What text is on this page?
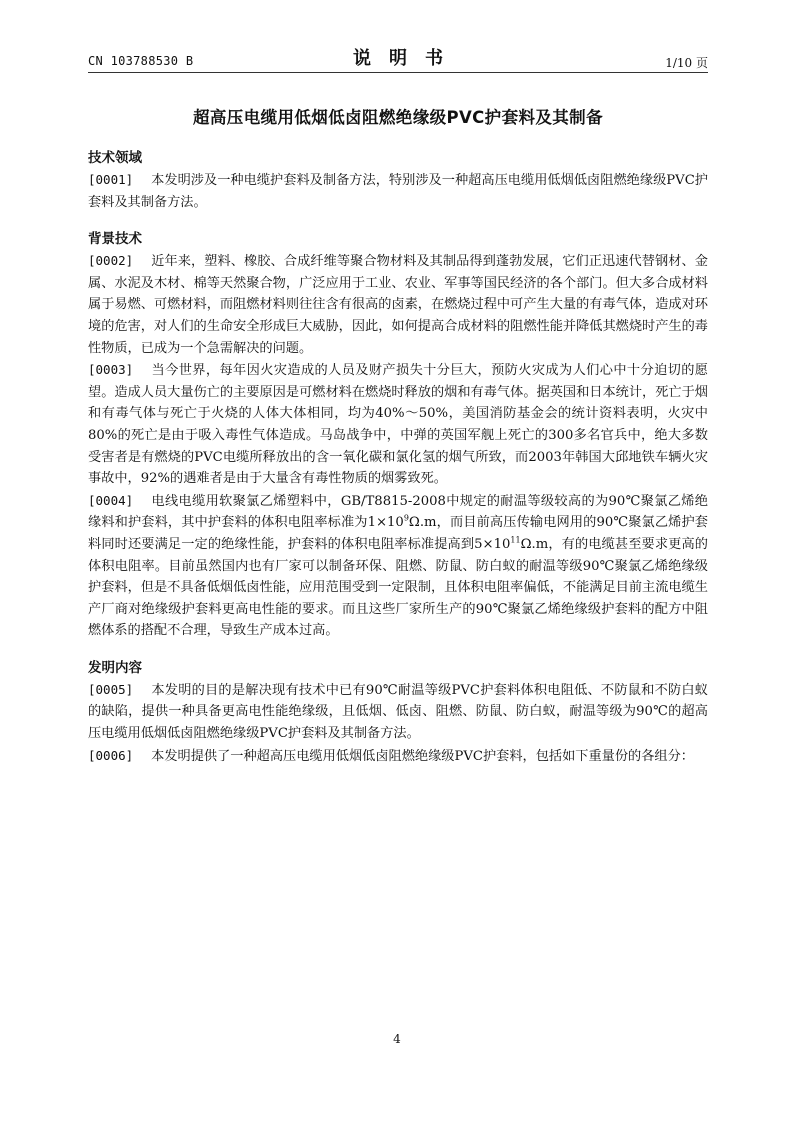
CN 103788530 B	说明书	1/10 页
超高压电缆用低烟低卤阻燃绝缘级PVC护套料及其制备
技术领域

[0001] 本发明涉及一种电缆护套料及制备方法，特别涉及一种超高压电缆用低烟低卤阻燃绝缘级PVC护套料及其制备方法。

背景技术

[0002] 近年来，塑料、橡胶、合成纤维等聚合物材料及其制品得到蓬勃发展，它们正迅速代替钢材、金属、水泥及木材、棉等天然聚合物，广泛应用于工业、农业、军事等国民经济的各个部门。但大多合成材料属于易燃、可燃材料，而阻燃材料则往往含有很高的卤素，在燃烧过程中可产生大量的有毒气体，造成对环境的危害，对人们的生命安全形成巨大威胁，因此，如何提高合成材料的阻燃性能并降低其燃烧时产生的毒性物质，已成为一个急需解决的问题。

[0003] 当今世界，每年因火灾造成的人员及财产损失十分巨大，预防火灾成为人们心中十分迫切的愿望。造成人员大量伤亡的主要原因是可燃材料在燃烧时释放的烟和有毒气体。据英国和日本统计，死亡于烟和有毒气体与死亡于火烧的人体大体相同，均为40%～50%，美国消防基金会的统计资料表明，火灾中80%的死亡是由于吸入毒性气体造成。马岛战争中，中弹的英国军舰上死亡的300多名官兵中，绝大多数受害者是有燃烧的PVC电缆所释放出的含一氧化碳和氯化氢的烟气所致，而2003年韩国大邱地铁车辆火灾事故中，92%的遇难者是由于大量含有毒性物质的烟雾致死。

[0004] 电线电缆用软聚氯乙烯塑料中，GB/T8815-2008中规定的耐温等级较高的为90℃聚氯乙烯绝缘料和护套料，其中护套料的体积电阻率标准为$1\times 10^9\Omega.m$，而目前高压传输电网用的90℃聚氯乙烯护套料同时还要满足一定的绝缘性能，护套料的体积电阻率标准提高到$5\times 10^{11}\Omega.m$，有的电缆甚至要求更高的体积电阻率。目前虽然国内也有厂家可以制备环保、阻燃、防鼠、防白蚁的耐温等级90℃聚氯乙烯绝缘级护套料，但是不具备低烟低卤性能，应用范围受到一定限制，且体积电阻率偏低，不能满足目前主流电缆生产厂商对绝缘级护套料更高电性能的要求。而且这些厂家所生产的90℃聚氯乙烯绝缘级护套料的配方中阻燃体系的搭配不合理，导致生产成本过高。

发明内容

[0005] 本发明的目的是解决现有技术中已有90℃耐温等级PVC护套料体积电阻低、不防鼠和不防白蚁的缺陷，提供一种具备更高电性能绝缘级，且低烟、低卤、阻燃、防鼠、防白蚁，耐温等级为90℃的超高压电缆用低烟低卤阻燃绝缘级PVC护套料及其制备方法。

[0006] 本发明提供了一种超高压电缆用低烟低卤阻燃绝缘级PVC护套料，包括如下重量份的各组分：

4
